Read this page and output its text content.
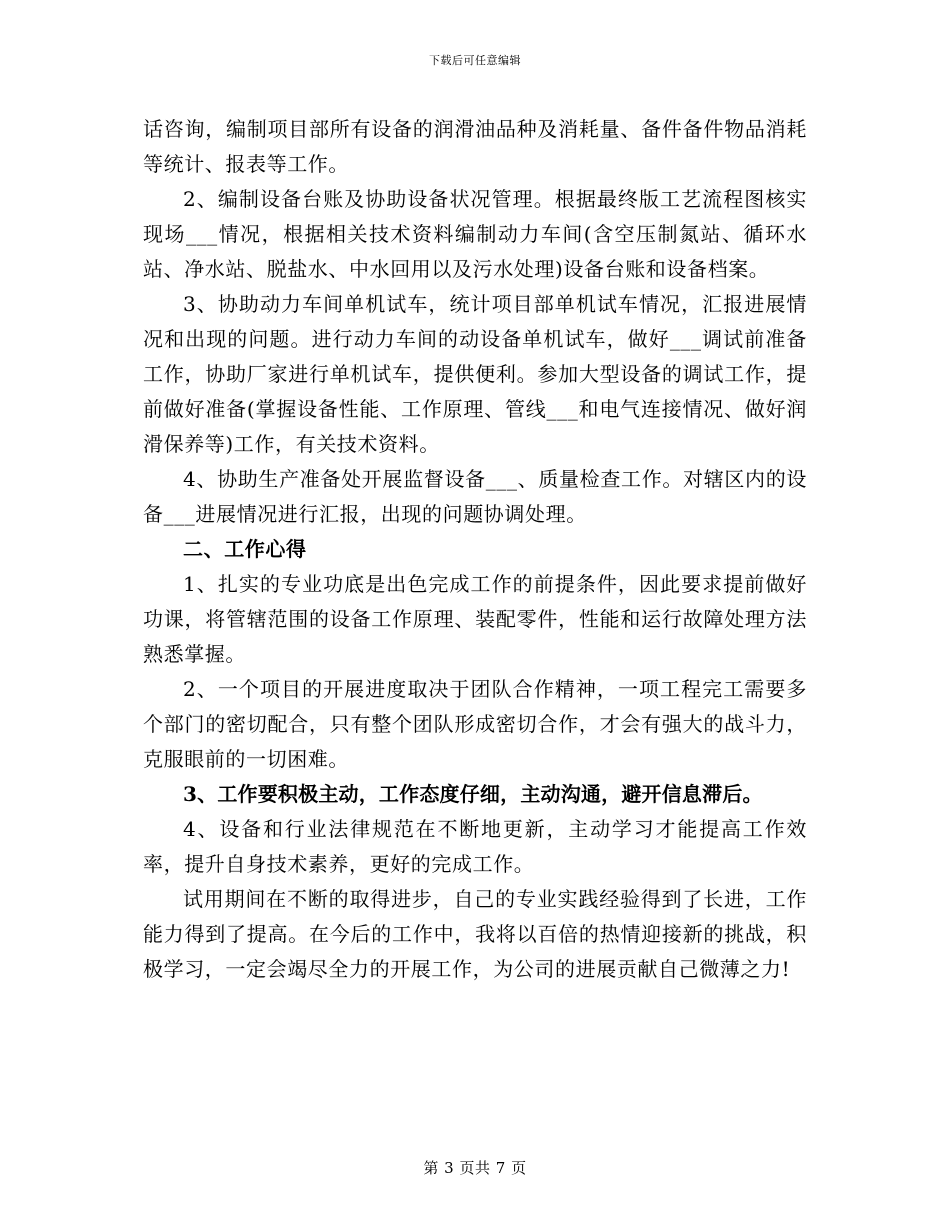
下载后可任意编辑

话咨询，编制项目部所有设备的润滑油品种及消耗量、备件备件物品消耗等统计、报表等工作。

2、编制设备台账及协助设备状况管理。根据最终版工艺流程图核实现场___情况，根据相关技术资料编制动力车间(含空压制氮站、循环水站、净水站、脱盐水、中水回用以及污水处理)设备台账和设备档案。

3、协助动力车间单机试车，统计项目部单机试车情况，汇报进展情况和出现的问题。进行动力车间的动设备单机试车，做好___调试前准备工作，协助厂家进行单机试车，提供便利。参加大型设备的调试工作，提前做好准备(掌握设备性能、工作原理、管线___和电气连接情况、做好润滑保养等)工作，有关技术资料。

4、协助生产准备处开展监督设备___、质量检查工作。对辖区内的设备___进展情况进行汇报，出现的问题协调处理。

二、工作心得

1、扎实的专业功底是出色完成工作的前提条件，因此要求提前做好功课，将管辖范围的设备工作原理、装配零件，性能和运行故障处理方法熟悉掌握。

2、一个项目的开展进度取决于团队合作精神，一项工程完工需要多个部门的密切配合，只有整个团队形成密切合作，才会有强大的战斗力，克服眼前的一切困难。

3、工作要积极主动，工作态度仔细，主动沟通，避开信息滞后。

4、设备和行业法律规范在不断地更新，主动学习才能提高工作效率，提升自身技术素养，更好的完成工作。

试用期间在不断的取得进步，自己的专业实践经验得到了长进，工作能力得到了提高。在今后的工作中，我将以百倍的热情迎接新的挑战，积极学习，一定会竭尽全力的开展工作，为公司的进展贡献自己微薄之力!

第 3 页共 7 页
